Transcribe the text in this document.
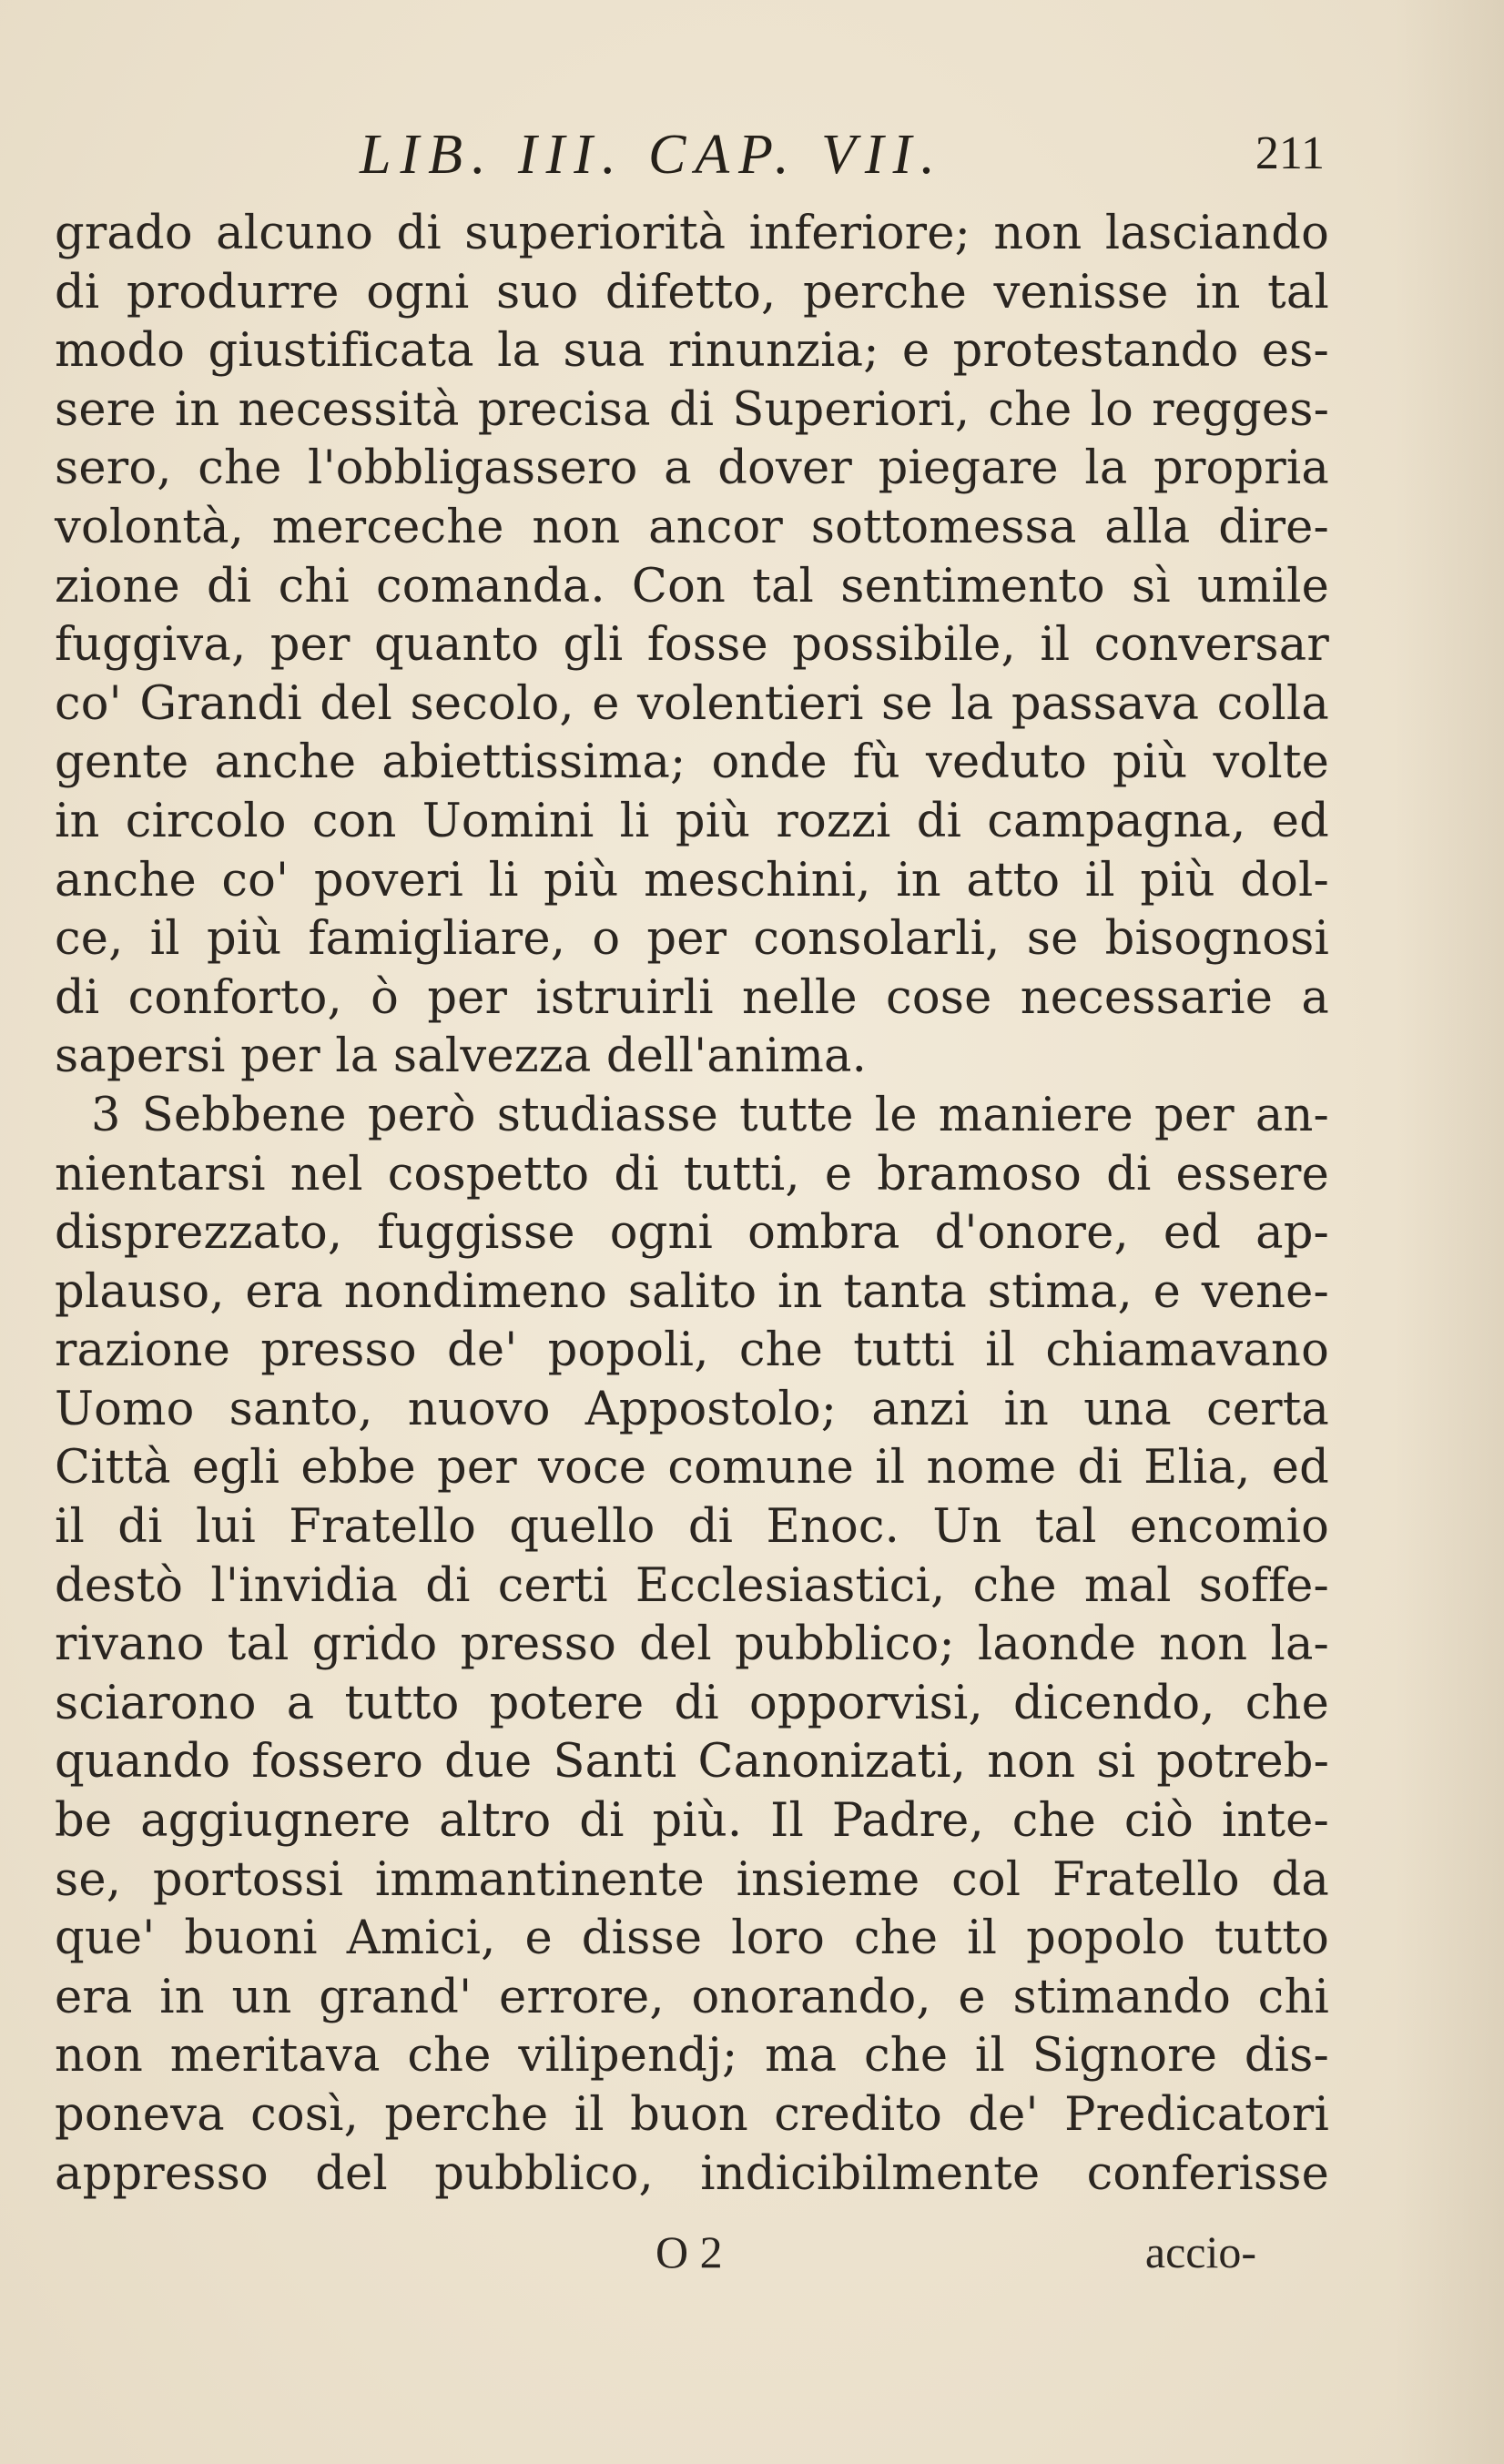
LIB. III. CAP. VII.	211
grado alcuno di superiorità inferiore; non lasciando
di produrre ogni suo difetto, perche venisse in tal
modo giustificata la sua rinunzia; e protestando es-
sere in necessità precisa di Superiori, che lo regges-
sero, che l'obbligassero a dover piegare la propria
volontà, merceche non ancor sottomessa alla dire-
zione di chi comanda. Con tal sentimento sì umile
fuggiva, per quanto gli fosse possibile, il conversar
co' Grandi del secolo, e volentieri se la passava colla
gente anche abiettissima; onde fù veduto più volte
in circolo con Uomini li più rozzi di campagna, ed
anche co' poveri li più meschini, in atto il più dol-
ce, il più famigliare, o per consolarli, se bisognosi
di conforto, ò per istruirli nelle cose necessarie a
sapersi per la salvezza dell'anima.
3 Sebbene però studiasse tutte le maniere per an-
nientarsi nel cospetto di tutti, e bramoso di essere
disprezzato, fuggisse ogni ombra d'onore, ed ap-
plauso, era nondimeno salito in tanta stima, e vene-
razione presso de' popoli, che tutti il chiamavano
Uomo santo, nuovo Appostolo; anzi in una certa
Città egli ebbe per voce comune il nome di Elia, ed
il di lui Fratello quello di Enoc. Un tal encomio
destò l'invidia di certi Ecclesiastici, che mal soffe-
rivano tal grido presso del pubblico; laonde non la-
sciarono a tutto potere di opporvisi, dicendo, che
quando fossero due Santi Canonizati, non si potreb-
be aggiugnere altro di più. Il Padre, che ciò inte-
se, portossi immantinente insieme col Fratello da
que' buoni Amici, e disse loro che il popolo tutto
era in un grand' errore, onorando, e stimando chi
non meritava che vilipendj; ma che il Signore dis-
poneva così, perche il buon credito de' Predicatori
appresso del pubblico, indicibilmente conferisse
O 2	accio-
